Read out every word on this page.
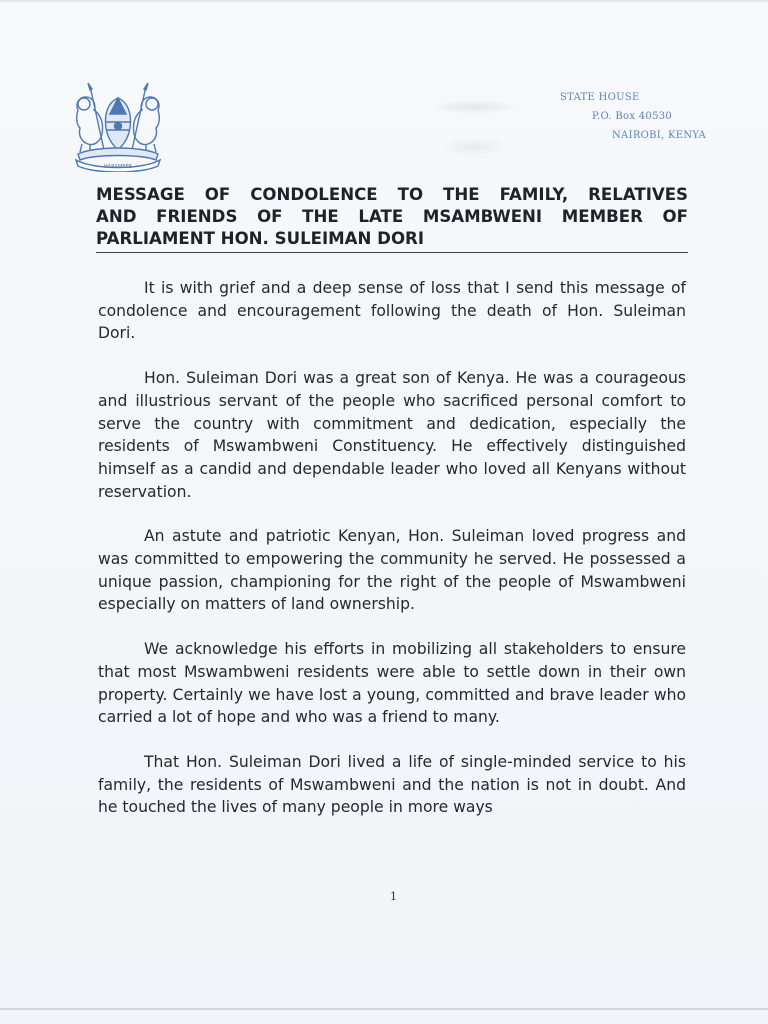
HARAMBEE
STATE HOUSE
P.O. Box 40530
NAIROBI, KENYA
MESSAGE OF CONDOLENCE TO THE FAMILY, RELATIVES
AND FRIENDS OF THE LATE MSAMBWENI MEMBER OF
PARLIAMENT HON. SULEIMAN DORI

It is with grief and a deep sense of loss that I send this message of condolence and encouragement following the death of Hon. Suleiman Dori.

Hon. Suleiman Dori was a great son of Kenya. He was a courageous and illustrious servant of the people who sacrificed personal comfort to serve the country with commitment and dedication, especially the residents of Mswambweni Constituency. He effectively distinguished himself as a candid and dependable leader who loved all Kenyans without reservation.

An astute and patriotic Kenyan, Hon. Suleiman loved progress and was committed to empowering the community he served. He possessed a unique passion, championing for the right of the people of Mswambweni especially on matters of land ownership.

We acknowledge his efforts in mobilizing all stakeholders to ensure that most Mswambweni residents were able to settle down in their own property. Certainly we have lost a young, committed and brave leader who carried a lot of hope and who was a friend to many.

That Hon. Suleiman Dori lived a life of single-minded service to his family, the residents of Mswambweni and the nation is not in doubt. And he touched the lives of many people in more ways

1
